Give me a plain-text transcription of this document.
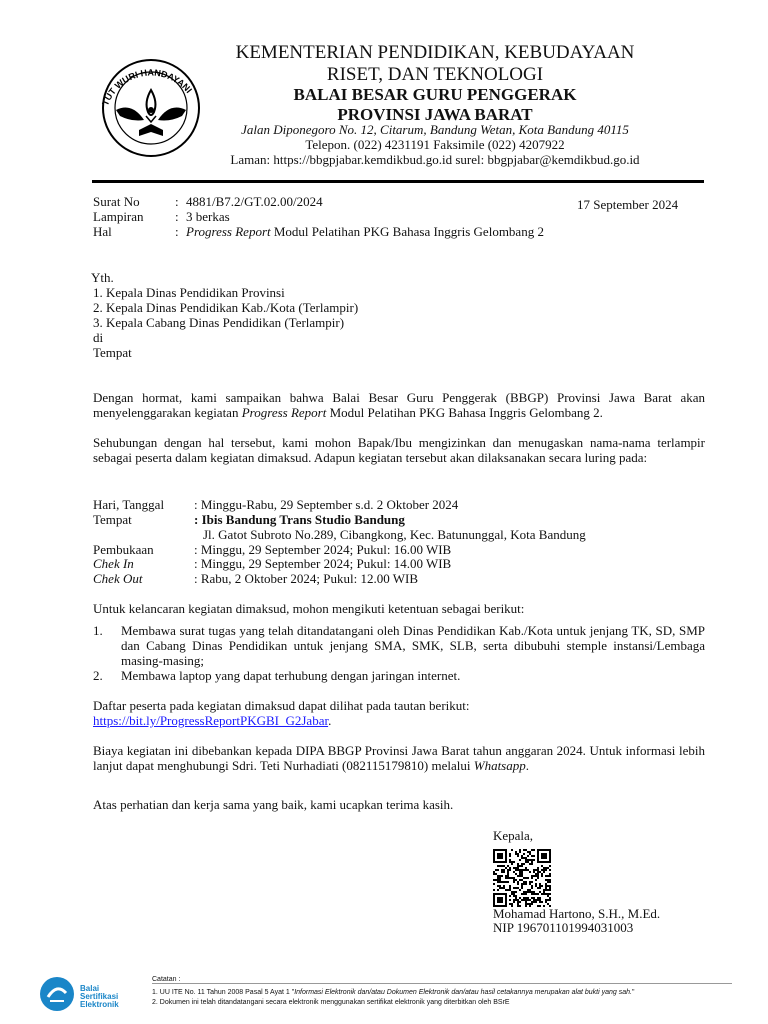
TUT WURI HANDAYANI
KEMENTERIAN PENDIDIKAN, KEBUDAYAAN
RISET, DAN TEKNOLOGI
BALAI BESAR GURU PENGGERAK
PROVINSI JAWA BARAT
Jalan Diponegoro No. 12, Citarum, Bandung Wetan, Kota Bandung 40115
Telepon. (022) 4231191 Faksimile (022) 4207922
Laman: https://bbgpjabar.kemdikbud.go.id surel: bbgpjabar@kemdikbud.go.id
Surat No	: 4881/B7.2/GT.02.00/2024	17 September 2024
Lampiran : 3 berkas
Hal	: Progress Report Modul Pelatihan PKG Bahasa Inggris Gelombang 2
Yth.
1. Kepala Dinas Pendidikan Provinsi
2. Kepala Dinas Pendidikan Kab./Kota (Terlampir)
3. Kepala Cabang Dinas Pendidikan (Terlampir)
di
Tempat
Dengan hormat, kami sampaikan bahwa Balai Besar Guru Penggerak (BBGP) Provinsi Jawa Barat akan menyelenggarakan kegiatan Progress Report Modul Pelatihan PKG Bahasa Inggris Gelombang 2.
Sehubungan dengan hal tersebut, kami mohon Bapak/Ibu mengizinkan dan menugaskan nama-nama terlampir sebagai peserta dalam kegiatan dimaksud. Adapun kegiatan tersebut akan dilaksanakan secara luring pada:
Hari, Tanggal : Minggu-Rabu, 29 September s.d. 2 Oktober 2024
Tempat	: Ibis Bandung Trans Studio Bandung
Jl. Gatot Subroto No.289, Cibangkong, Kec. Batununggal, Kota Bandung
Pembukaan	: Minggu, 29 September 2024; Pukul: 16.00 WIB
Chek In	: Minggu, 29 September 2024; Pukul: 14.00 WIB
Chek Out	: Rabu, 2 Oktober 2024; Pukul: 12.00 WIB
Untuk kelancaran kegiatan dimaksud, mohon mengikuti ketentuan sebagai berikut:
1. Membawa surat tugas yang telah ditandatangani oleh Dinas Pendidikan Kab./Kota untuk jenjang TK, SD, SMP dan Cabang Dinas Pendidikan untuk jenjang SMA, SMK, SLB, serta dibubuhi stemple instansi/Lembaga masing-masing;
2. Membawa laptop yang dapat terhubung dengan jaringan internet.
Daftar peserta pada kegiatan dimaksud dapat dilihat pada tautan berikut:
https://bit.ly/ProgressReportPKGBI_G2Jabar.
Biaya kegiatan ini dibebankan kepada DIPA BBGP Provinsi Jawa Barat tahun anggaran 2024. Untuk informasi lebih lanjut dapat menghubungi Sdri. Teti Nurhadiati (082115179810) melalui Whatsapp.
Atas perhatian dan kerja sama yang baik, kami ucapkan terima kasih.
Kepala,
Mohamad Hartono, S.H., M.Ed.
NIP 196701101994031003
Balai
Sertifikasi
Elektronik
Catatan :
1. UU ITE No. 11 Tahun 2008 Pasal 5 Ayat 1 "Informasi Elektronik dan/atau Dokumen Elektronik dan/atau hasil cetakannya merupakan alat bukti yang sah."
2. Dokumen ini telah ditandatangani secara elektronik menggunakan sertifikat elektronik yang diterbitkan oleh BSrE
